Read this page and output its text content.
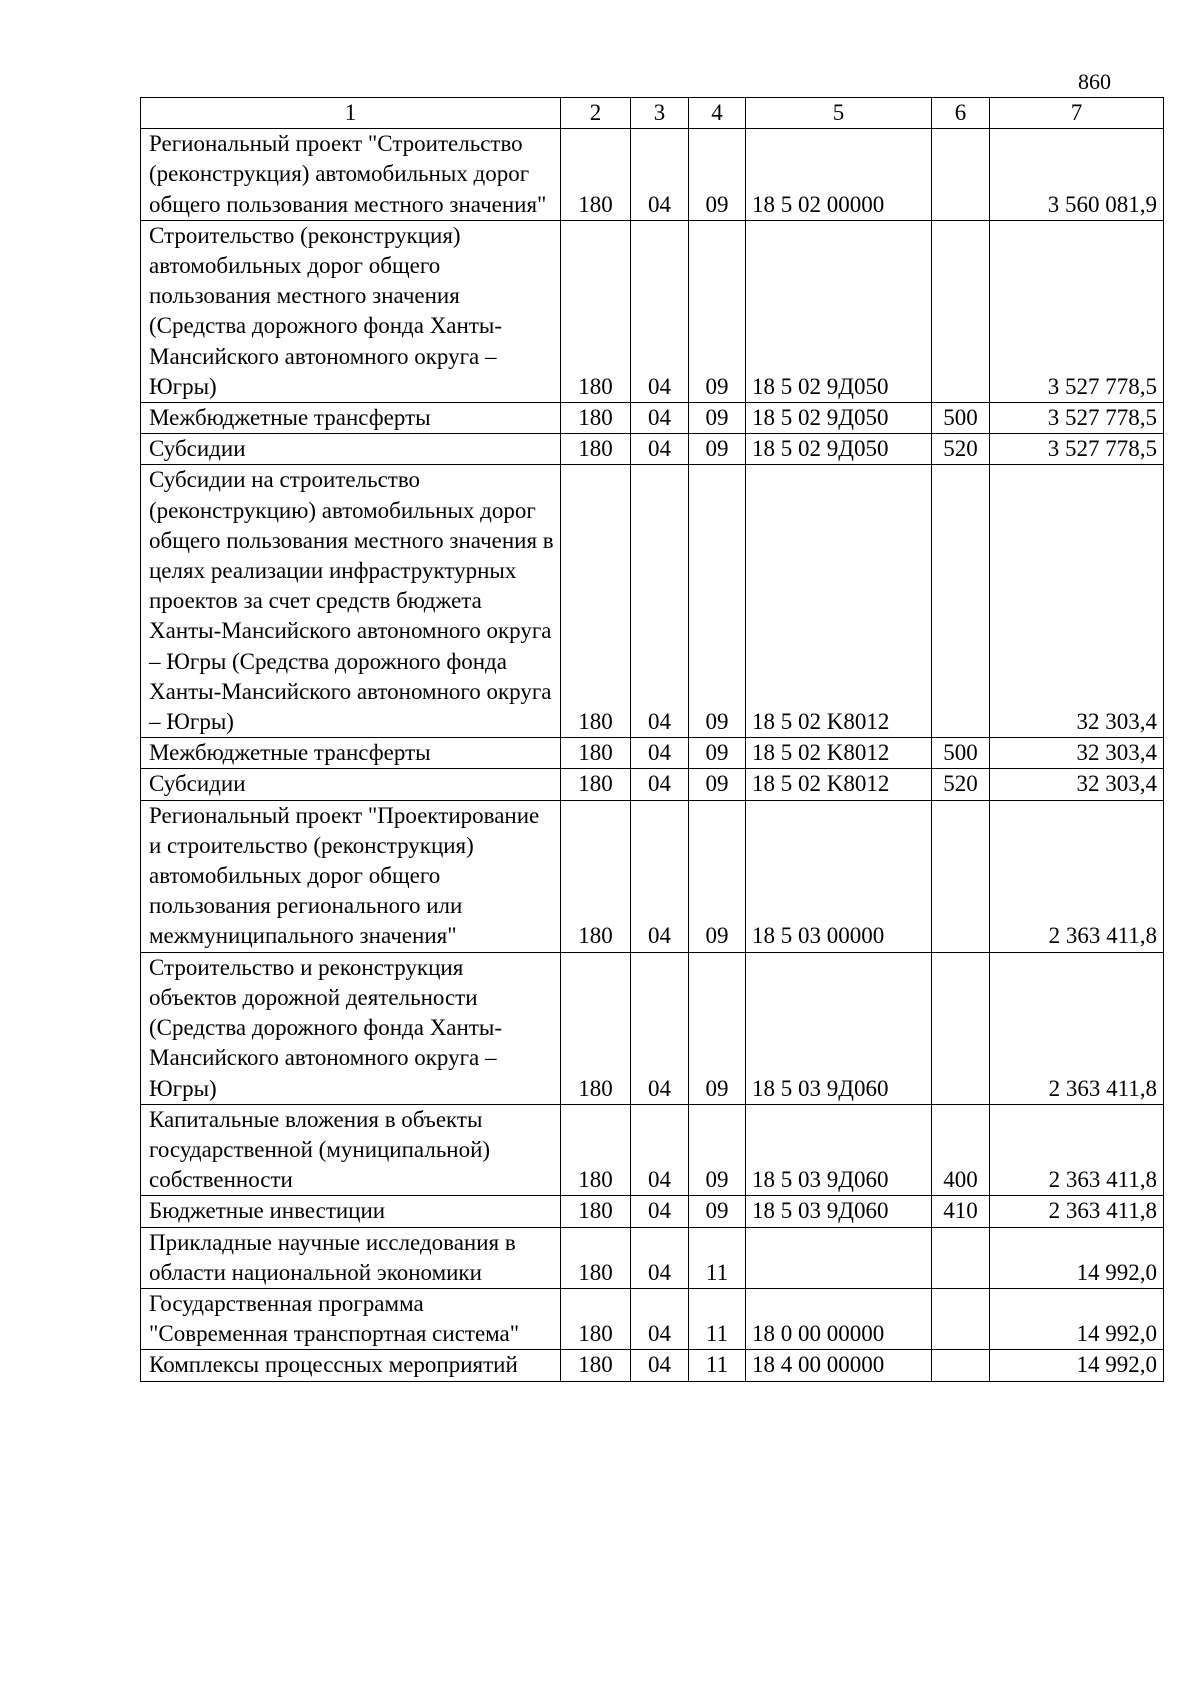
860
1	2	3	4	5	6	7
Региональный проект "Строительство (реконструкция) автомобильных дорог общего пользования местного значения"	180	04	09	18 5 02 00000		3 560 081,9
Строительство (реконструкция) автомобильных дорог общего пользования местного значения (Средства дорожного фонда Ханты-Мансийского автономного округа – Югры)	180	04	09	18 5 02 9Д050		3 527 778,5
Межбюджетные трансферты	180	04	09	18 5 02 9Д050	500	3 527 778,5
Субсидии	180	04	09	18 5 02 9Д050	520	3 527 778,5
Субсидии на строительство (реконструкцию) автомобильных дорог общего пользования местного значения в целях реализации инфраструктурных проектов за счет средств бюджета Ханты-Мансийского автономного округа – Югры (Средства дорожного фонда Ханты-Мансийского автономного округа – Югры)	180	04	09	18 5 02 K8012		32 303,4
Межбюджетные трансферты	180	04	09	18 5 02 K8012	500	32 303,4
Субсидии	180	04	09	18 5 02 K8012	520	32 303,4
Региональный проект "Проектирование и строительство (реконструкция) автомобильных дорог общего пользования регионального или межмуниципального значения"	180	04	09	18 5 03 00000		2 363 411,8
Строительство и реконструкция объектов дорожной деятельности (Средства дорожного фонда Ханты-Мансийского автономного округа – Югры)	180	04	09	18 5 03 9Д060		2 363 411,8
Капитальные вложения в объекты государственной (муниципальной) собственности	180	04	09	18 5 03 9Д060	400	2 363 411,8
Бюджетные инвестиции	180	04	09	18 5 03 9Д060	410	2 363 411,8
Прикладные научные исследования в области национальной экономики	180	04	11			14 992,0
Государственная программа "Современная транспортная система"	180	04	11	18 0 00 00000		14 992,0
Комплексы процессных мероприятий	180	04	11	18 4 00 00000		14 992,0
